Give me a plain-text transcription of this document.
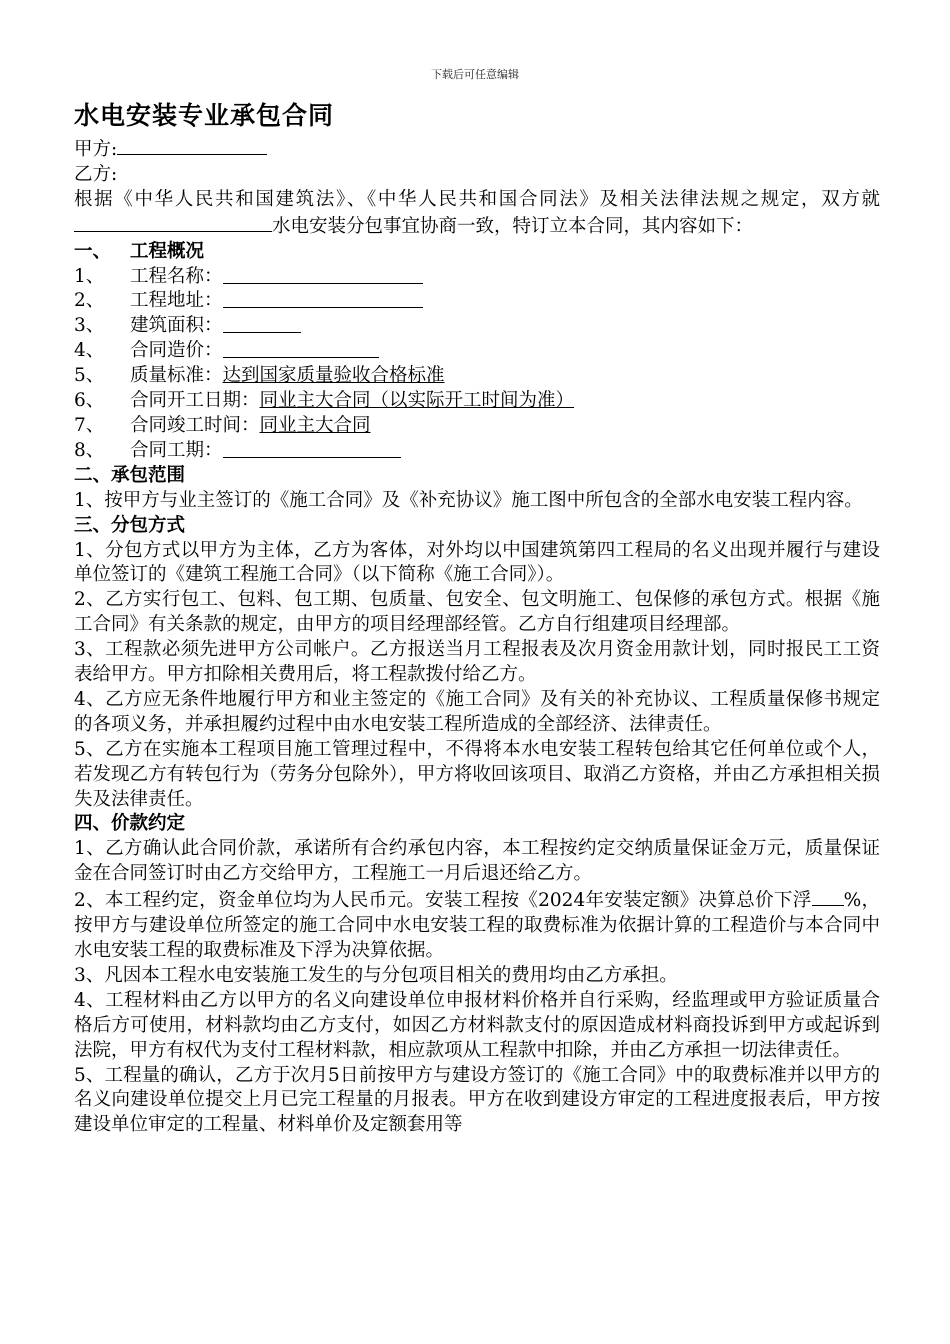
下载后可任意编辑
水电安装专业承包合同

甲方:

乙方:

根据《中华人民共和国建筑法》、《中华人民共和国合同法》及相关法律法规之规定，双方就水电安装分包事宜协商一致，特订立本合同，其内容如下：

一、 工程概况

1、	工程名称：
2、	工程地址：
3、	建筑面积：
4、	合同造价：
5、	质量标准： 达到国家质量验收合格标准
6、	合同开工日期： 同业主大合同（以实际开工时间为准）
7、	合同竣工时间： 同业主大合同
8、	合同工期：

二、承包范围

1、按甲方与业主签订的《施工合同》及《补充协议》施工图中所包含的全部水电安装工程内容。

三、分包方式

1、分包方式以甲方为主体，乙方为客体，对外均以中国建筑第四工程局的名义出现并履行与建设单位签订的《建筑工程施工合同》（以下简称《施工合同》）。

2、乙方实行包工、包料、包工期、包质量、包安全、包文明施工、包保修的承包方式。根据《施工合同》有关条款的规定，由甲方的项目经理部经管。乙方自行组建项目经理部。

3、工程款必须先进甲方公司帐户。乙方报送当月工程报表及次月资金用款计划，同时报民工工资表给甲方。甲方扣除相关费用后，将工程款拨付给乙方。

4、乙方应无条件地履行甲方和业主签定的《施工合同》及有关的补充协议、工程质量保修书规定的各项义务，并承担履约过程中由水电安装工程所造成的全部经济、法律责任。

5、乙方在实施本工程项目施工管理过程中，不得将本水电安装工程转包给其它任何单位或个人，若发现乙方有转包行为（劳务分包除外），甲方将收回该项目、取消乙方资格，并由乙方承担相关损失及法律责任。

四、价款约定

1、乙方确认此合同价款，承诺所有合约承包内容，本工程按约定交纳质量保证金万元，质量保证金在合同签订时由乙方交给甲方，工程施工一月后退还给乙方。

2、本工程约定，资金单位均为人民币元。安装工程按《2024年安装定额》决算总价下浮 %，按甲方与建设单位所签定的施工合同中水电安装工程的取费标准为依据计算的工程造价与本合同中水电安装工程的取费标准及下浮为决算依据。

3、凡因本工程水电安装施工发生的与分包项目相关的费用均由乙方承担。

4、工程材料由乙方以甲方的名义向建设单位申报材料价格并自行采购，经监理或甲方验证质量合格后方可使用，材料款均由乙方支付，如因乙方材料款支付的原因造成材料商投诉到甲方或起诉到法院，甲方有权代为支付工程材料款，相应款项从工程款中扣除，并由乙方承担一切法律责任。

5、工程量的确认，乙方于次月5日前按甲方与建设方签订的《施工合同》中的取费标准并以甲方的名义向建设单位提交上月已完工程量的月报表。甲方在收到建设方审定的工程进度报表后，甲方按建设单位审定的工程量、材料单价及定额套用等
